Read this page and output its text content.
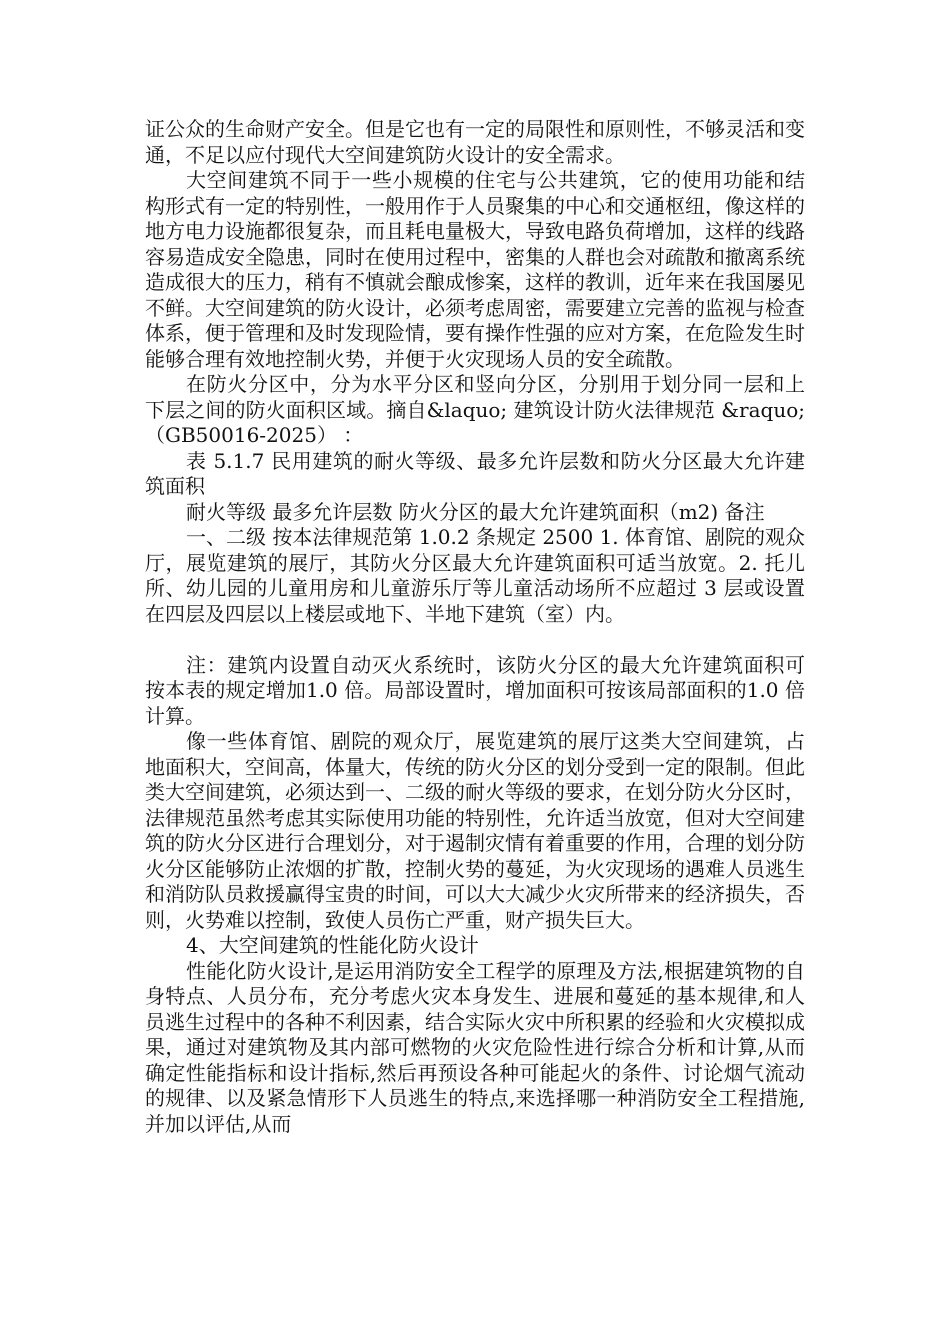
证公众的生命财产安全。但是它也有一定的局限性和原则性，不够灵活和变通，不足以应付现代大空间建筑防火设计的安全需求。

大空间建筑不同于一些小规模的住宅与公共建筑，它的使用功能和结构形式有一定的特别性，一般用作于人员聚集的中心和交通枢纽，像这样的地方电力设施都很复杂，而且耗电量极大，导致电路负荷增加，这样的线路容易造成安全隐患，同时在使用过程中，密集的人群也会对疏散和撤离系统造成很大的压力，稍有不慎就会酿成惨案，这样的教训，近年来在我国屡见不鲜。大空间建筑的防火设计，必须考虑周密，需要建立完善的监视与检查体系，便于管理和及时发现险情，要有操作性强的应对方案，在危险发生时能够合理有效地控制火势，并便于火灾现场人员的安全疏散。

在防火分区中，分为水平分区和竖向分区，分别用于划分同一层和上下层之间的防火面积区域。摘自&laquo; 建筑设计防火法律规范 &raquo;（GB50016-2025） ：

表 5.1.7 民用建筑的耐火等级、最多允许层数和防火分区最大允许建筑面积

耐火等级 最多允许层数 防火分区的最大允许建筑面积（m2) 备注

一、二级 按本法律规范第 1.0.2 条规定 2500 1. 体育馆、剧院的观众厅，展览建筑的展厅，其防火分区最大允许建筑面积可适当放宽。2. 托儿所、幼儿园的儿童用房和儿童游乐厅等儿童活动场所不应超过 3 层或设置在四层及四层以上楼层或地下、半地下建筑（室）内。

注：建筑内设置自动灭火系统时，该防火分区的最大允许建筑面积可按本表的规定增加1.0 倍。局部设置时，增加面积可按该局部面积的1.0 倍计算。

像一些体育馆、剧院的观众厅，展览建筑的展厅这类大空间建筑，占地面积大，空间高，体量大，传统的防火分区的划分受到一定的限制。但此类大空间建筑，必须达到一、二级的耐火等级的要求，在划分防火分区时，法律规范虽然考虑其实际使用功能的特别性，允许适当放宽，但对大空间建筑的防火分区进行合理划分，对于遏制灾情有着重要的作用，合理的划分防火分区能够防止浓烟的扩散，控制火势的蔓延，为火灾现场的遇难人员逃生和消防队员救援赢得宝贵的时间，可以大大减少火灾所带来的经济损失，否则，火势难以控制，致使人员伤亡严重，财产损失巨大。

4、大空间建筑的性能化防火设计

性能化防火设计,是运用消防安全工程学的原理及方法,根据建筑物的自身特点、人员分布，充分考虑火灾本身发生、进展和蔓延的基本规律,和人员逃生过程中的各种不利因素，结合实际火灾中所积累的经验和火灾模拟成果，通过对建筑物及其内部可燃物的火灾危险性进行综合分析和计算,从而确定性能指标和设计指标,然后再预设各种可能起火的条件、讨论烟气流动的规律、以及紧急情形下人员逃生的特点,来选择哪一种消防安全工程措施,并加以评估,从而
